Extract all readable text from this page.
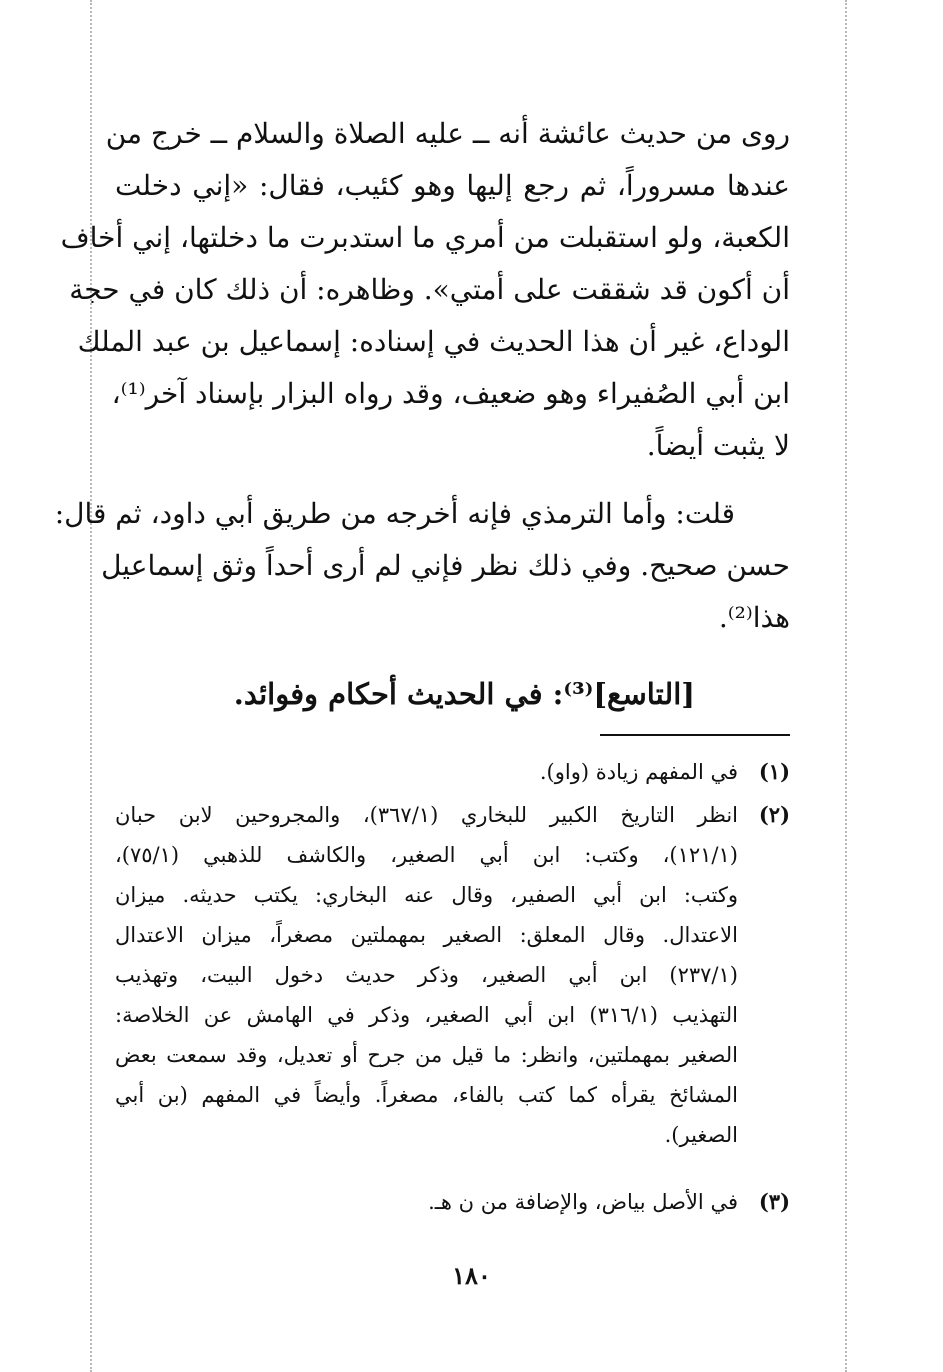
روى من حديث عائشة أنه ــ عليه الصلاة والسلام ــ خرج من
عندها مسروراً، ثم رجع إليها وهو كئيب، فقال: «إني دخلت
الكعبة، ولو استقبلت من أمري ما استدبرت ما دخلتها، إني أخاف
أن أكون قد شققت على أمتي». وظاهره: أن ذلك كان في حجة
الوداع، غير أن هذا الحديث في إسناده: إسماعيل بن عبد الملك
ابن أبي الصُفيراء وهو ضعيف، وقد رواه البزار بإسناد آخر⁽¹⁾،
لا يثبت أيضاً.
قلت: وأما الترمذي فإنه أخرجه من طريق أبي داود، ثم قال:
حسن صحيح. وفي ذلك نظر فإني لم أرى أحداً وثق إسماعيل
هذا⁽²⁾.
[التاسع]⁽³⁾: في الحديث أحكام وفوائد.
(١)
في المفهم زيادة (واو).
(٢)
انظر التاريخ الكبير للبخاري (٣٦٧/١)، والمجروحين لابن حبان
(١٢١/١)، وكتب: ابن أبي الصغير، والكاشف للذهبي (٧٥/١)،
وكتب: ابن أبي الصفير، وقال عنه البخاري: يكتب حديثه. ميزان
الاعتدال. وقال المعلق: الصغير بمهملتين مصغراً، ميزان الاعتدال
(٢٣٧/١) ابن أبي الصغير، وذكر حديث دخول البيت، وتهذيب
التهذيب (٣١٦/١) ابن أبي الصغير، وذكر في الهامش عن الخلاصة:
الصغير بمهملتين، وانظر: ما قيل من جرح أو تعديل، وقد سمعت بعض
المشائخ يقرأه كما كتب بالفاء، مصغراً. وأيضاً في المفهم (بن أبي
الصغير).
(٣)
في الأصل بياض، والإضافة من ن هـ.
١٨٠
